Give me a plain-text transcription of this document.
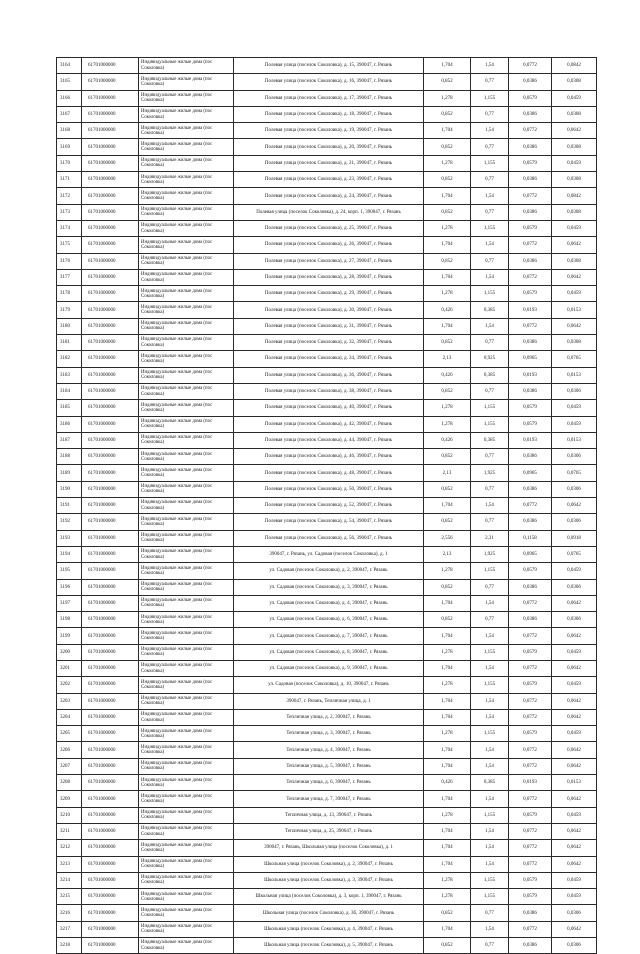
3164	61701000000	Индивидуальные жилые дома (пос Соколовка)	Полевая улица (поселок Соколовка), д. 15, 390047, г. Рязань	1,704	1,54	0,0772	0,0842
3165	61701000000	Индивидуальные жилые дома (пос Соколовка)	Полевая улица (поселок Соколовка), д. 16, 390047, г. Рязань	0,852	0,77	0,0386	0,0308
3166	61701000000	Индивидуальные жилые дома (пос Соколовка)	Полевая улица (поселок Соколовка), д. 17, 390047, г. Рязань	1,278	1,155	0,0579	0,0459
3167	61701000000	Индивидуальные жилые дома (пос Соколовка)	Полевая улица (поселок Соколовка), д. 18, 390047, г. Рязань	0,852	0,77	0,0386	0,0308
3168	61701000000	Индивидуальные жилые дома (пос Соколовка)	Полевая улица (поселок Соколовка), д. 19, 390047, г. Рязань	1,704	1,54	0,0772	0,0642
3169	61701000000	Индивидуальные жилые дома (пос Соколовка)	Полевая улица (поселок Соколовка), д. 20, 390047, г. Рязань	0,852	0,77	0,0386	0,0308
3170	61701000000	Индивидуальные жилые дома (пос Соколовка)	Полевая улица (поселок Соколовка), д. 21, 390047, г. Рязань	1,278	1,155	0,0579	0,0459
3171	61701000000	Индивидуальные жилые дома (пос Соколовка)	Полевая улица (поселок Соколовка), д. 23, 390047, г. Рязань	0,852	0,77	0,0386	0,0308
3172	61701000000	Индивидуальные жилые дома (пос Соколовка)	Полевая улица (поселок Соколовка), д. 24, 390047, г. Рязань	1,704	1,54	0,0772	0,0842
3173	61701000000	Индивидуальные жилые дома (пос Соколовка)	Полевая улица (поселок Соколовка), д. 24, корп. 1, 390047, г. Рязань	0,852	0,77	0,0386	0,0308
3174	61701000000	Индивидуальные жилые дома (пос Соколовка)	Полевая улица (поселок Соколовка), д. 25, 390047, г. Рязань	1,278	1,155	0,0579	0,0459
3175	61701000000	Индивидуальные жилые дома (пос Соколовка)	Полевая улица (поселок Соколовка), д. 26, 390047, г. Рязань	1,704	1,54	0,0772	0,0642
3176	61701000000	Индивидуальные жилые дома (пос Соколовка)	Полевая улица (поселок Соколовка), д. 27, 390047, г. Рязань	0,852	0,77	0,0386	0,0308
3177	61701000000	Индивидуальные жилые дома (пос Соколовка)	Полевая улица (поселок Соколовка), д. 28, 390047, г. Рязань	1,704	1,54	0,0772	0,0642
3178	61701000000	Индивидуальные жилые дома (пос Соколовка)	Полевая улица (поселок Соколовка), д. 29, 390047, г. Рязань	1,278	1,155	0,0579	0,0459
3179	61701000000	Индивидуальные жилые дома (пос Соколовка)	Полевая улица (поселок Соколовка), д. 30, 390047, г. Рязань	0,426	0,385	0,0193	0,0153
3180	61701000000	Индивидуальные жилые дома (пос Соколовка)	Полевая улица (поселок Соколовка), д. 31, 390047, г. Рязань	1,704	1,54	0,0772	0,0642
3181	61701000000	Индивидуальные жилые дома (пос Соколовка)	Полевая улица (поселок Соколовка), д. 32, 390047, г. Рязань	0,852	0,77	0,0386	0,0308
3182	61701000000	Индивидуальные жилые дома (пос Соколовка)	Полевая улица (поселок Соколовка), д. 34, 390047, г. Рязань	2,13	0,925	0,0965	0,0765
3183	61701000000	Индивидуальные жилые дома (пос Соколовка)	Полевая улица (поселок Соколовка), д. 36, 390047, г. Рязань	0,426	0,385	0,0193	0,0153
3184	61701000000	Индивидуальные жилые дома (пос Соколовка)	Полевая улица (поселок Соколовка), д. 38, 390047, г. Рязань	0,852	0,77	0,0386	0,0306
3185	61701000000	Индивидуальные жилые дома (пос Соколовка)	Полевая улица (поселок Соколовка), д. 40, 390047, г. Рязань	1,278	1,155	0,0579	0,0459
3186	61701000000	Индивидуальные жилые дома (пос Соколовка)	Полевая улица (поселок Соколовка), д. 42, 390047, г. Рязань	1,278	1,155	0,0579	0,0459
3187	61701000000	Индивидуальные жилые дома (пос Соколовка)	Полевая улица (поселок Соколовка), д. 44, 390047, г. Рязань	0,426	0,385	0,0193	0,0153
3188	61701000000	Индивидуальные жилые дома (пос Соколовка)	Полевая улица (поселок Соколовка), д. 46, 390047, г. Рязань	0,852	0,77	0,0386	0,0306
3189	61701000000	Индивидуальные жилые дома (пос Соколовка)	Полевая улица (поселок Соколовка), д. 48, 390047, г. Рязань	2,13	1,925	0,0965	0,0765
3190	61701000000	Индивидуальные жилые дома (пос Соколовка)	Полевая улица (поселок Соколовка), д. 50, 390047, г. Рязань	0,852	0,77	0,0386	0,0306
3191	61701000000	Индивидуальные жилые дома (пос Соколовка)	Полевая улица (поселок Соколовка), д. 52, 390047, г. Рязань	1,704	1,54	0,0772	0,0642
3192	61701000000	Индивидуальные жилые дома (пос Соколовка)	Полевая улица (поселок Соколовка), д. 54, 390047, г. Рязань	0,852	0,77	0,0386	0,0306
3193	61701000000	Индивидуальные жилые дома (пос Соколовка)	Полевая улица (поселок Соколовка), д. 56, 390047, г. Рязань	2,556	2,31	0,1158	0,0918
3194	61701000000	Индивидуальные жилые дома (пос Соколовка)	390047, г. Рязань, ул. Садовая (поселок Соколовка), д. 1	2,13	1,925	0,0965	0,0765
3195	61701000000	Индивидуальные жилые дома (пос Соколовка)	ул. Садовая (поселок Соколовка), д. 2, 390047, г. Рязань	1,278	1,155	0,0579	0,0459
3196	61701000000	Индивидуальные жилые дома (пос Соколовка)	ул. Садовая (поселок Соколовка), д. 3, 390047, г. Рязань	0,852	0,77	0,0386	0,0306
3197	61701000000	Индивидуальные жилые дома (пос Соколовка)	ул. Садовая (поселок Соколовка), д. 4, 390047, г. Рязань	1,704	1,54	0,0772	0,0642
3198	61701000000	Индивидуальные жилые дома (пос Соколовка)	ул. Садовая (поселок Соколовка), д. 6, 390047, г. Рязань	0,852	0,77	0,0386	0,0306
3199	61701000000	Индивидуальные жилые дома (пос Соколовка)	ул. Садовая (поселок Соколовка), д. 7, 390047, г. Рязань	1,704	1,54	0,0772	0,0642
3200	61701000000	Индивидуальные жилые дома (пос Соколовка)	ул. Садовая (поселок Соколовка), д. 8, 390047, г. Рязань	1,278	1,155	0,0579	0,0459
3201	61701000000	Индивидуальные жилые дома (пос Соколовка)	ул. Садовая (поселок Соколовка), д. 9, 390047, г. Рязань	1,704	1,54	0,0772	0,0642
3202	61701000000	Индивидуальные жилые дома (пос Соколовка)	ул. Садовая (поселок Соколовка), д. 10, 390047, г. Рязань	1,278	1,155	0,0579	0,0459
3203	61701000000	Индивидуальные жилые дома (пос Соколовка)	390047, г. Рязань, Тепличная улица, д. 1	1,704	1,54	0,0772	0,0642
3204	61701000000	Индивидуальные жилые дома (пос Соколовка)	Тепличная улица, д. 2, 390047, г. Рязань	1,704	1,54	0,0772	0,0642
3205	61701000000	Индивидуальные жилые дома (пос Соколовка)	Тепличная улица, д. 3, 390047, г. Рязань	1,278	1,155	0,0579	0,0459
3206	61701000000	Индивидуальные жилые дома (пос Соколовка)	Тепличная улица, д. 4, 390047, г. Рязань	1,704	1,54	0,0772	0,0642
3207	61701000000	Индивидуальные жилые дома (пос Соколовка)	Тепличная улица, д. 5, 390047, г. Рязань	1,704	1,54	0,0772	0,0642
3208	61701000000	Индивидуальные жилые дома (пос Соколовка)	Тепличная улица, д. 6, 390047, г. Рязань	0,426	0,385	0,0193	0,0153
3209	61701000000	Индивидуальные жилые дома (пос Соколовка)	Тепличная улица, д. 7, 390047, г. Рязань	1,704	1,54	0,0772	0,0642
3210	61701000000	Индивидуальные жилые дома (пос Соколовка)	Тепличная улица, д. 13, 390047, г. Рязань	1,278	1,155	0,0579	0,0459
3211	61701000000	Индивидуальные жилые дома (пос Соколовка)	Тепличная улица, д. 25, 390047, г. Рязань	1,704	1,54	0,0772	0,0642
3212	61701000000	Индивидуальные жилые дома (пос Соколовка)	390047, г. Рязань, Школьная улица (поселок Соколовка), д. 1	1,704	1,54	0,0772	0,0642
3213	61701000000	Индивидуальные жилые дома (пос Соколовка)	Школьная улица (поселок Соколовка), д. 2, 390047, г. Рязань	1,704	1,54	0,0772	0,0642
3214	61701000000	Индивидуальные жилые дома (пос Соколовка)	Школьная улица (поселок Соколовка), д. 3, 390047, г. Рязань	1,278	1,155	0,0579	0,0459
3215	61701000000	Индивидуальные жилые дома (пос Соколовка)	Школьная улица (поселок Соколовка), д. 3, корп. 1, 390047, г. Рязань	1,278	1,155	0,0579	0,0459
3216	61701000000	Индивидуальные жилые дома (пос Соколовка)	Школьная улица (поселок Соколовка), д. 3б, 390047, г. Рязань	0,852	0,77	0,0386	0,0306
3217	61701000000	Индивидуальные жилые дома (пос Соколовка)	Школьная улица (поселок Соколовка), д. 4, 390047, г. Рязань	1,704	1,54	0,0772	0,0642
3218	61701000000	Индивидуальные жилые дома (пос Соколовка)	Школьная улица (поселок Соколовка), д. 5, 390047, г. Рязань	0,852	0,77	0,0386	0,0306
